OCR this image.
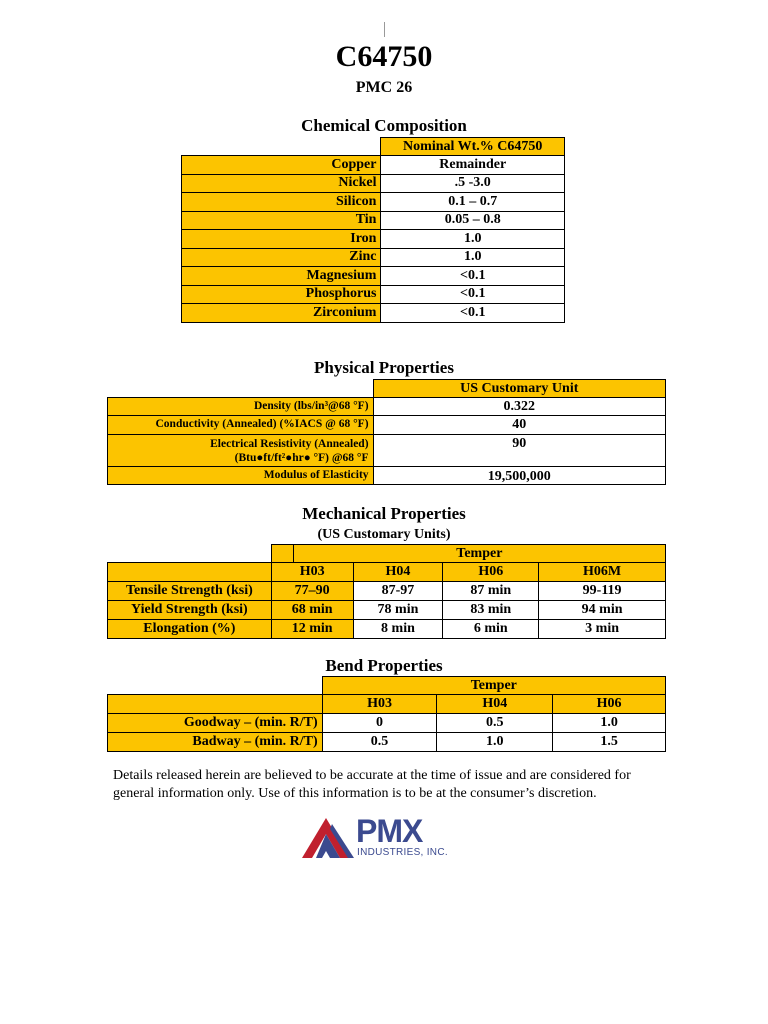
C64750
PMC 26
Chemical Composition
	Nominal Wt.% C64750
Copper	Remainder
Nickel	.5 -3.0
Silicon	0.1 – 0.7
Tin	0.05 – 0.8
Iron	1.0
Zinc	1.0
Magnesium	<0.1
Phosphorus	<0.1
Zirconium	<0.1
Physical Properties
	US Customary Unit
Density (lbs/in³@68 °F)	0.322
Conductivity (Annealed) (%IACS @ 68 °F)	40

Electrical Resistivity (Annealed)
(Btu●ft/ft²●hr● °F) @68 °F	90
Modulus of Elasticity	19,500,000
Mechanical Properties
(US Customary Units)
		Temper			
	H03		H04	H06	H06M
Tensile Strength (ksi)	77–90		87-97	87 min	99-119
Yield Strength (ksi)	68 min		78 min	83 min	94 min
Elongation (%)	12 min		8 min	6 min	3 min
Bend Properties
	Temper		
	H03	H04	H06
Goodway – (min. R/T)	0	0.5	1.0
Badway – (min. R/T)	0.5	1.0	1.5
Details released herein are believed to be accurate at the time of issue and are considered for general information only. Use of this information is to be at the consumer’s discretion.
PMX
INDUSTRIES, INC.
